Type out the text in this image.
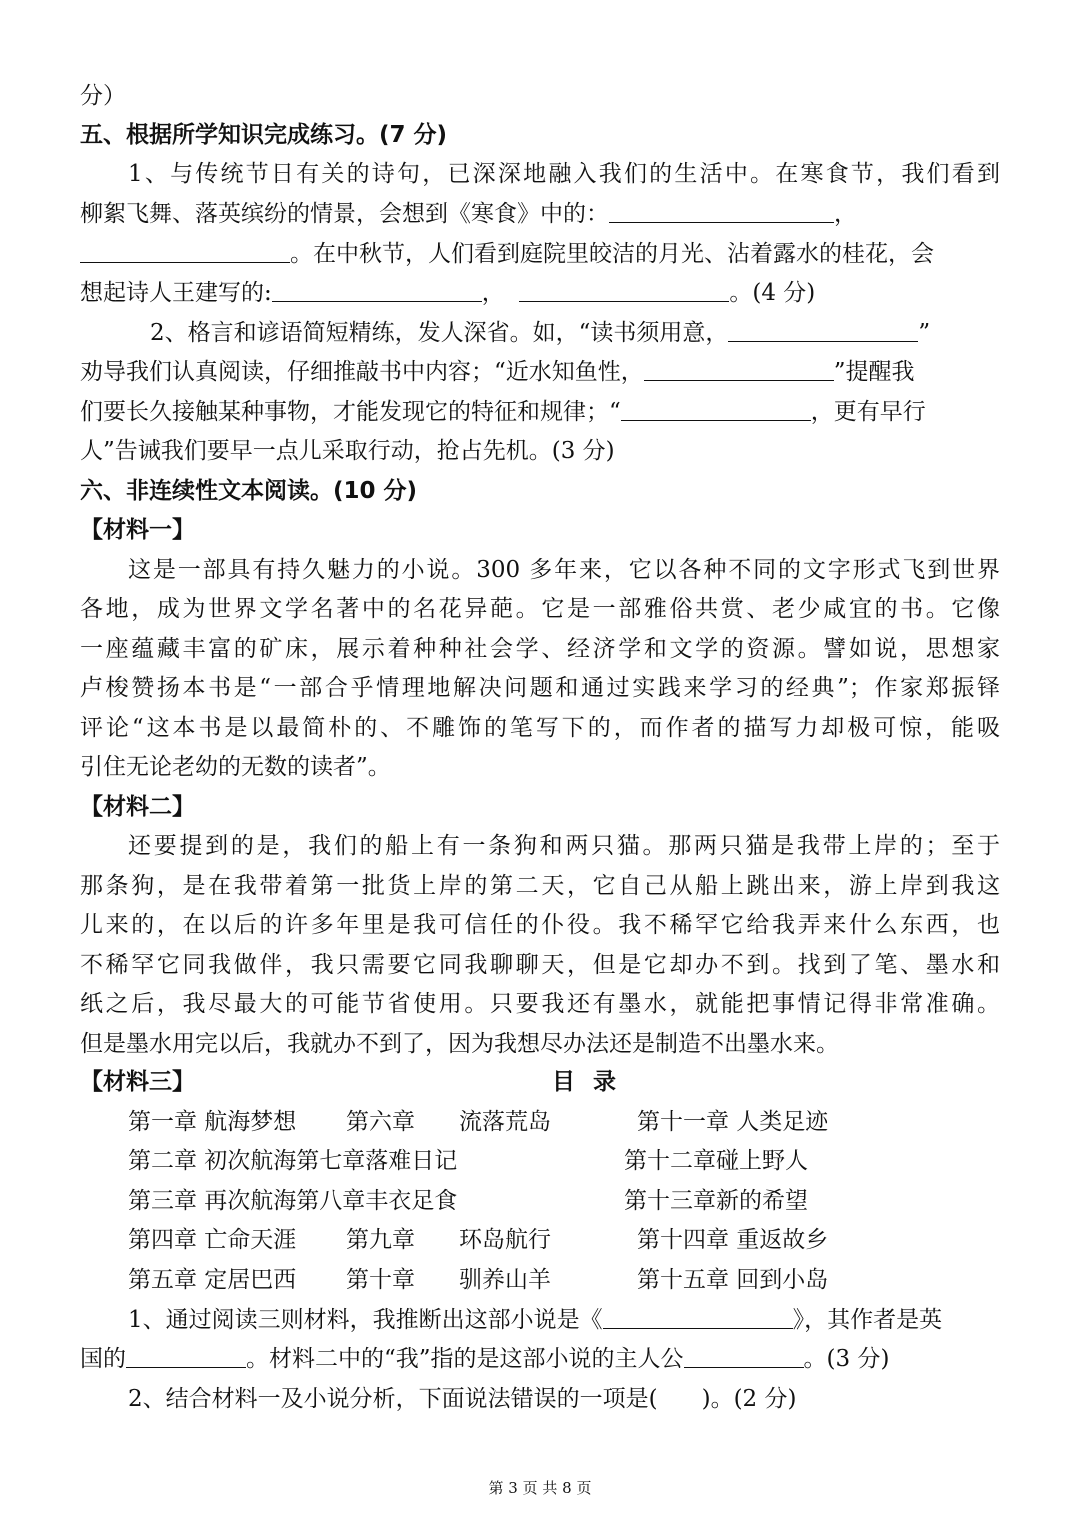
分）
五、根据所学知识完成练习。(7 分)
1、与传统节日有关的诗句，已深深地融入我们的生活中。在寒食节，我们看到
柳絮飞舞、落英缤纷的情景，会想到《寒食》中的：	，
。在中秋节，人们看到庭院里皎洁的月光、沾着露水的桂花，会
想起诗人王建写的:	，	。(4 分)
2、格言和谚语简短精练，发人深省。如，“读书须用意，	”
劝导我们认真阅读，仔细推敲书中内容；“近水知鱼性，	”提醒我
们要长久接触某种事物，才能发现它的特征和规律；“	，更有早行
人”告诫我们要早一点儿采取行动，抢占先机。(3 分)
六、非连续性文本阅读。(10 分)
【材料一】
这是一部具有持久魅力的小说。300 多年来，它以各种不同的文字形式飞到世界
各地，成为世界文学名著中的名花异葩。它是一部雅俗共赏、老少咸宜的书。它像
一座蕴藏丰富的矿床，展示着种种社会学、经济学和文学的资源。譬如说，思想家
卢梭赞扬本书是“一部合乎情理地解决问题和通过实践来学习的经典”；作家郑振铎
评论“这本书是以最简朴的、不雕饰的笔写下的，而作者的描写力却极可惊，能吸
引住无论老幼的无数的读者”。
【材料二】
还要提到的是，我们的船上有一条狗和两只猫。那两只猫是我带上岸的；至于
那条狗，是在我带着第一批货上岸的第二天，它自己从船上跳出来，游上岸到我这
儿来的，在以后的许多年里是我可信任的仆役。我不稀罕它给我弄来什么东西，也
不稀罕它同我做伴，我只需要它同我聊聊天，但是它却办不到。找到了笔、墨水和
纸之后，我尽最大的可能节省使用。只要我还有墨水，就能把事情记得非常准确。
但是墨水用完以后，我就办不到了，因为我想尽办法还是制造不出墨水来。
【材料三】	目录
第一章 航海梦想 第六章 流落荒岛	第十一章 人类足迹
第二章 初次航海第七章落难日记	第十二章碰上野人
第三章 再次航海第八章丰衣足食	第十三章新的希望
第四章 亡命天涯 第九章 环岛航行	第十四章 重返故乡
第五章 定居巴西 第十章 驯养山羊	第十五章 回到小岛
1、通过阅读三则材料，我推断出这部小说是《	》，其作者是英
国的	。材料二中的“我”指的是这部小说的主人公	。(3 分)
2、结合材料一及小说分析，下面说法错误的一项是( )。(2 分)
第 3 页 共 8 页
